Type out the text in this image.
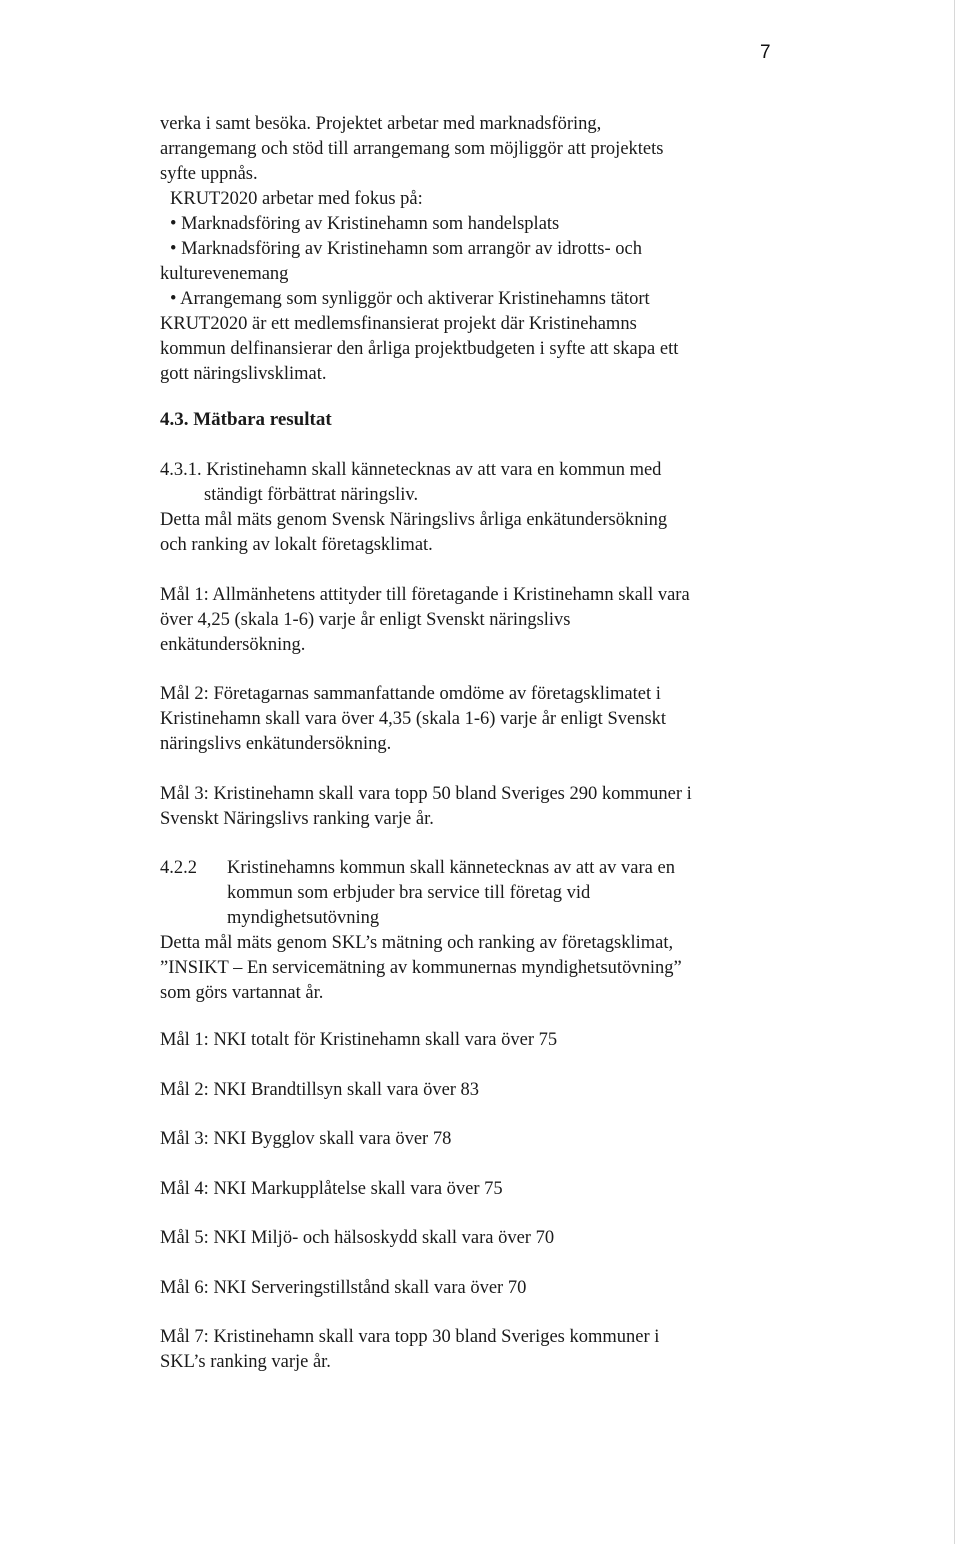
7
verka i samt besöka. Projektet arbetar med marknadsföring,
arrangemang och stöd till arrangemang som möjliggör att projektets
syfte uppnås.
KRUT2020 arbetar med fokus på:
• Marknadsföring av Kristinehamn som handelsplats
• Marknadsföring av Kristinehamn som arrangör av idrotts- och
kulturevenemang
• Arrangemang som synliggör och aktiverar Kristinehamns tätort
KRUT2020 är ett medlemsfinansierat projekt där Kristinehamns
kommun delfinansierar den årliga projektbudgeten i syfte att skapa ett
gott näringslivsklimat.
4.3. Mätbara resultat
4.3.1. Kristinehamn skall kännetecknas av att vara en kommun med
ständigt förbättrat näringsliv.
Detta mål mäts genom Svensk Näringslivs årliga enkätundersökning
och ranking av lokalt företagsklimat.
Mål 1: Allmänhetens attityder till företagande i Kristinehamn skall vara
över 4,25 (skala 1-6) varje år enligt Svenskt näringslivs
enkätundersökning.
Mål 2: Företagarnas sammanfattande omdöme av företagsklimatet i
Kristinehamn skall vara över 4,35 (skala 1-6) varje år enligt Svenskt
näringslivs enkätundersökning.
Mål 3: Kristinehamn skall vara topp 50 bland Sveriges 290 kommuner i
Svenskt Näringslivs ranking varje år.
4.2.2 Kristinehamns kommun skall kännetecknas av att av vara en
kommun som erbjuder bra service till företag vid
myndighetsutövning
Detta mål mäts genom SKL’s mätning och ranking av företagsklimat,
”INSIKT – En servicemätning av kommunernas myndighetsutövning”
som görs vartannat år.
Mål 1: NKI totalt för Kristinehamn skall vara över 75
Mål 2: NKI Brandtillsyn skall vara över 83
Mål 3: NKI Bygglov skall vara över 78
Mål 4: NKI Markupplåtelse skall vara över 75
Mål 5: NKI Miljö- och hälsoskydd skall vara över 70
Mål 6: NKI Serveringstillstånd skall vara över 70
Mål 7: Kristinehamn skall vara topp 30 bland Sveriges kommuner i
SKL’s ranking varje år.
